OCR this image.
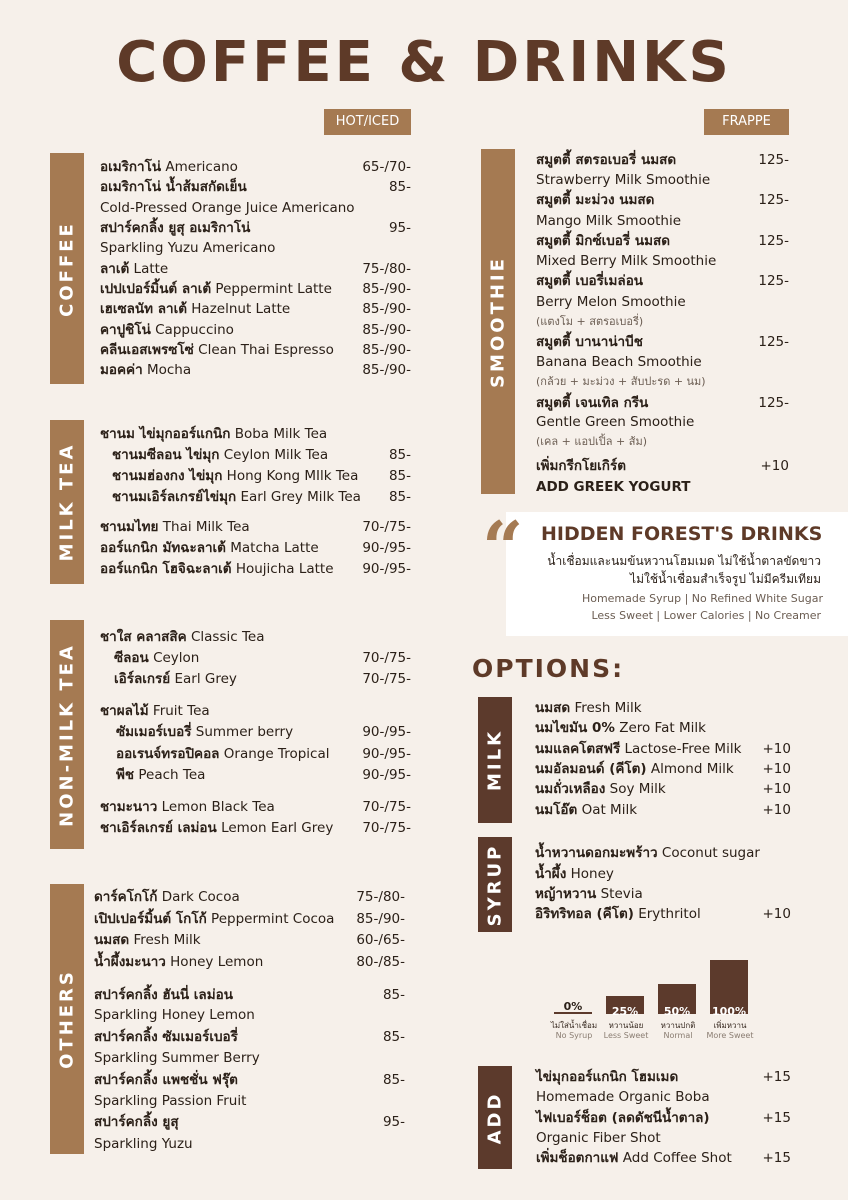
COFFEE & DRINKS
HOT/ICED	FRAPPE
COFFEE
MILK TEA
NON-MILK TEA
OTHERS
SMOOTHIE
MILK
SYRUP
ADD
อเมริกาโน่ Americano	65-/70-
อเมริกาโน่ น้ำส้มสกัดเย็น	85-
Cold-Pressed Orange Juice Americano
สปาร์คกลิ้ง ยูสุ อเมริกาโน่	95-
Sparkling Yuzu Americano
ลาเต้ Latte	75-/80-
เปปเปอร์มิ้นต์ ลาเต้ Peppermint Latte 85-/90-
เฮเซลนัท ลาเต้ Hazelnut Latte	85-/90-
คาปูชิโน่ Cappuccino	85-/90-
คลีนเอสเพรซโซ่ Clean Thai Espresso 85-/90-
มอคค่า Mocha	85-/90-
ชานม ไข่มุกออร์แกนิก Boba Milk Tea
ชานมซีลอน ไข่มุก Ceylon Milk Tea	85-
ชานมฮ่องกง ไข่มุก Hong Kong MIlk Tea 85-
ชานมเอิร์ลเกรย์ไข่มุก Earl Grey Milk Tea 85-
ชานมไทย Thai Milk Tea	70-/75-
ออร์แกนิก มัทฉะลาเต้ Matcha Latte	90-/95-
ออร์แกนิก โฮจิฉะลาเต้ Houjicha Latte 90-/95-
ชาใส คลาสสิค Classic Tea
ซีลอน Ceylon	70-/75-
เอิร์ลเกรย์ Earl Grey	70-/75-
ชาผลไม้ Fruit Tea
ซัมเมอร์เบอรี่ Summer berry	90-/95-
ออเรนจ์ทรอปิคอล Orange Tropical 90-/95-
พีช Peach Tea	90-/95-
ชามะนาว Lemon Black Tea	70-/75-
ชาเอิร์ลเกรย์ เลม่อน Lemon Earl Grey 70-/75-
ดาร์คโกโก้ Dark Cocoa	75-/80-
เปิปเปอร์มิ้นต์ โกโก้ Peppermint Cocoa 85-/90-
นมสด Fresh Milk	60-/65-
น้ำผึ้งมะนาว Honey Lemon	80-/85-
สปาร์คกลิ้ง ฮันนี่ เลม่อน	85-
Sparkling Honey Lemon
สปาร์คกลิ้ง ซัมเมอร์เบอรี่	85-
Sparkling Summer Berry
สปาร์คกลิ้ง แพชชั่น ฟรุ๊ต	85-
Sparkling Passion Fruit
สปาร์คกลิ้ง ยูสุ	95-
Sparkling Yuzu
สมูตตี้ สตรอเบอรี่ นมสด	125-
Strawberry Milk Smoothie
สมูตตี้ มะม่วง นมสด	125-
Mango Milk Smoothie
สมูตตี้ มิกซ์เบอรี่ นมสด	125-
Mixed Berry Milk Smoothie
สมูตตี้ เบอรี่เมล่อน	125-
Berry Melon Smoothie
(แตงโม + สตรอเบอรี่)
สมูตตี้ บานาน่าบีช	125-
Banana Beach Smoothie
(กล้วย + มะม่วง + สับปะรด + นม)
สมูตตี้ เจนเทิล กรีน	125-
Gentle Green Smoothie
(เคล + แอปเปิ้ล + ส้ม)
เพิ่มกรีกโยเกิร์ต	+10
ADD GREEK YOGURT
“ HIDDEN FOREST'S DRINKS
น้ำเชื่อมและนมข้นหวานโฮมเมด ไม่ใช้น้ำตาลขัดขาว
ไม่ใช้น้ำเชื่อมสำเร็จรูป ไม่มีครีมเทียม
Homemade Syrup | No Refined White Sugar
Less Sweet | Lower Calories | No Creamer
OPTIONS:
นมสด Fresh Milk
นมไขมัน 0% Zero Fat Milk
นมแลคโตสฟรี Lactose-Free Milk +10
นมอัลมอนด์ (คีโต) Almond Milk +10
นมถั่วเหลือง Soy Milk	+10
นมโอ๊ต Oat Milk	+10
น้ำหวานดอกมะพร้าว Coconut sugar
น้ำผึ้ง Honey
หญ้าหวาน Stevia
อิริทริทอล (คีโต) Erythritol	+10
0%	25%	50%	100%
ไม่ใส่น้ำเชื่อม
No Syrup
หวานน้อย
Less Sweet
หวานปกติ
Normal
เพิ่มหวาน
More Sweet
ไข่มุกออร์แกนิก โฮมเมด	+15
Homemade Organic Boba
ไฟเบอร์ช็อต (ลดดัชนีน้ำตาล)	+15
Organic Fiber Shot
เพิ่มช็อตกาแฟ Add Coffee Shot +15
